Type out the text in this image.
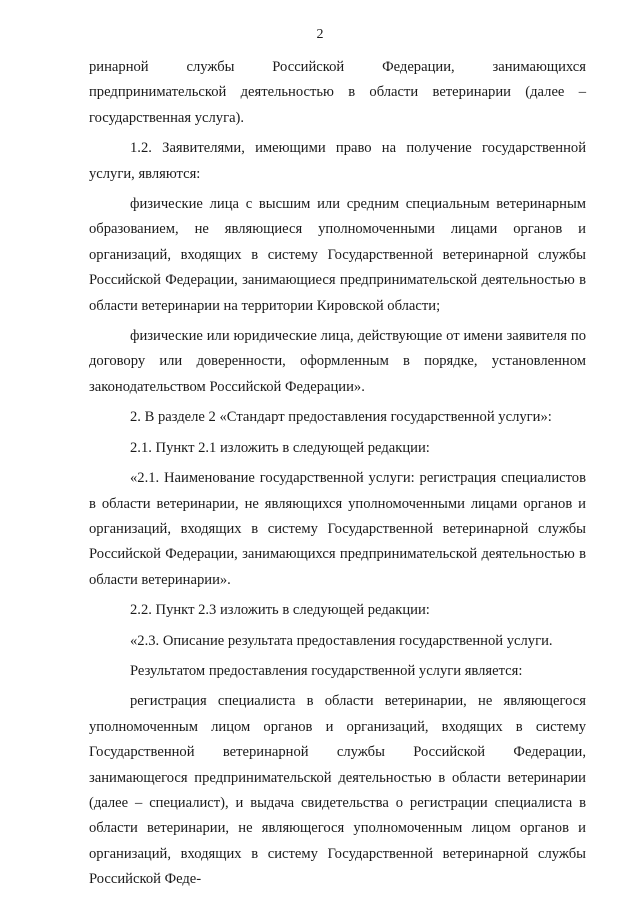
2

ринарной службы Российской Федерации, занимающихся предпринимательской деятельностью в области ветеринарии (далее – государственная услуга).

1.2. Заявителями, имеющими право на получение государственной услуги, являются:

физические лица с высшим или средним специальным ветеринарным образованием, не являющиеся уполномоченными лицами органов и организаций, входящих в систему Государственной ветеринарной службы Российской Федерации, занимающиеся предпринимательской деятельностью в области ветеринарии на территории Кировской области;

физические или юридические лица, действующие от имени заявителя по договору или доверенности, оформленным в порядке, установленном законодательством Российской Федерации».

2. В разделе 2 «Стандарт предоставления государственной услуги»:

2.1. Пункт 2.1 изложить в следующей редакции:

«2.1. Наименование государственной услуги: регистрация специалистов в области ветеринарии, не являющихся уполномоченными лицами органов и организаций, входящих в систему Государственной ветеринарной службы Российской Федерации, занимающихся предпринимательской деятельностью в области ветеринарии».

2.2. Пункт 2.3 изложить в следующей редакции:

«2.3. Описание результата предоставления государственной услуги.

Результатом предоставления государственной услуги является:

регистрация специалиста в области ветеринарии, не являющегося уполномоченным лицом органов и организаций, входящих в систему Государственной ветеринарной службы Российской Федерации, занимающегося предпринимательской деятельностью в области ветеринарии (далее – специалист), и выдача свидетельства о регистрации специалиста в области ветеринарии, не являющегося уполномоченным лицом органов и организаций, входящих в систему Государственной ветеринарной службы Российской Феде-
